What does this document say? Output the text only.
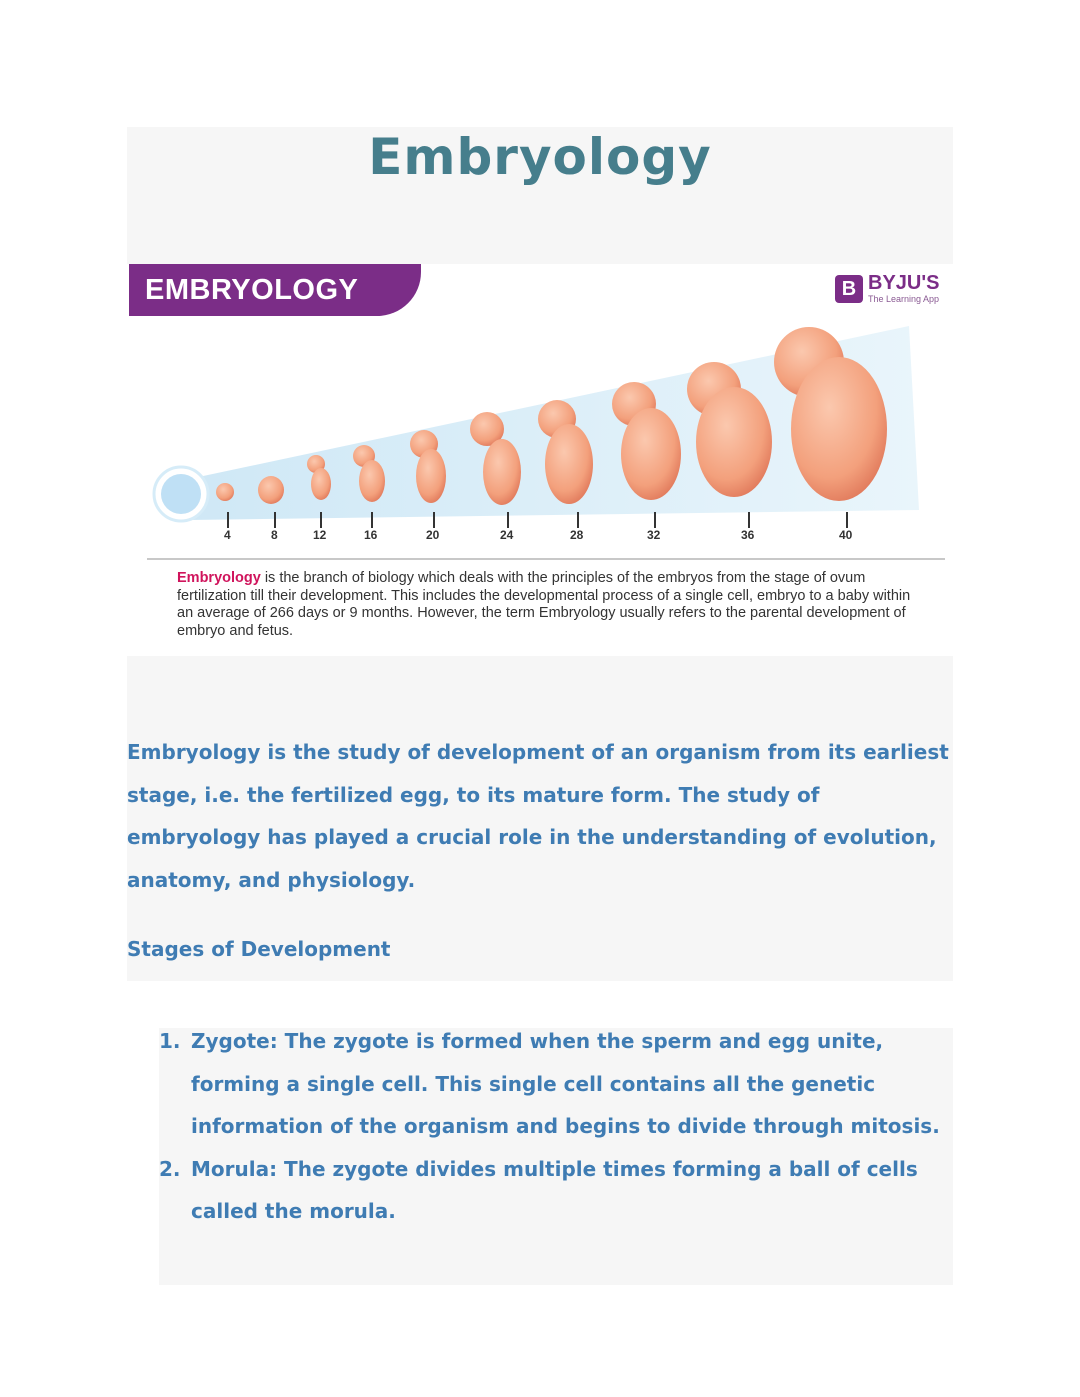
Embryology
EMBRYOLOGY	B BYJU'S
The Learning App
4	8	12	16	20	24	28	32	36	40
Embryology is the branch of biology which deals with the principles of the embryos from the stage of ovum fertilization till their development. This includes the developmental process of a single cell, embryo to a baby within an average of 266 days or 9 months. However, the term Embryology usually refers to the parental development of embryo and fetus.

Embryology is the study of development of an organism from its earliest stage, i.e. the fertilized egg, to its mature form. The study of embryology has played a crucial role in the understanding of evolution, anatomy, and physiology.

Stages of Development

1. Zygote: The zygote is formed when the sperm and egg unite, forming a single cell. This single cell contains all the genetic information of the organism and begins to divide through mitosis.
2. Morula: The zygote divides multiple times forming a ball of cells called the morula.
